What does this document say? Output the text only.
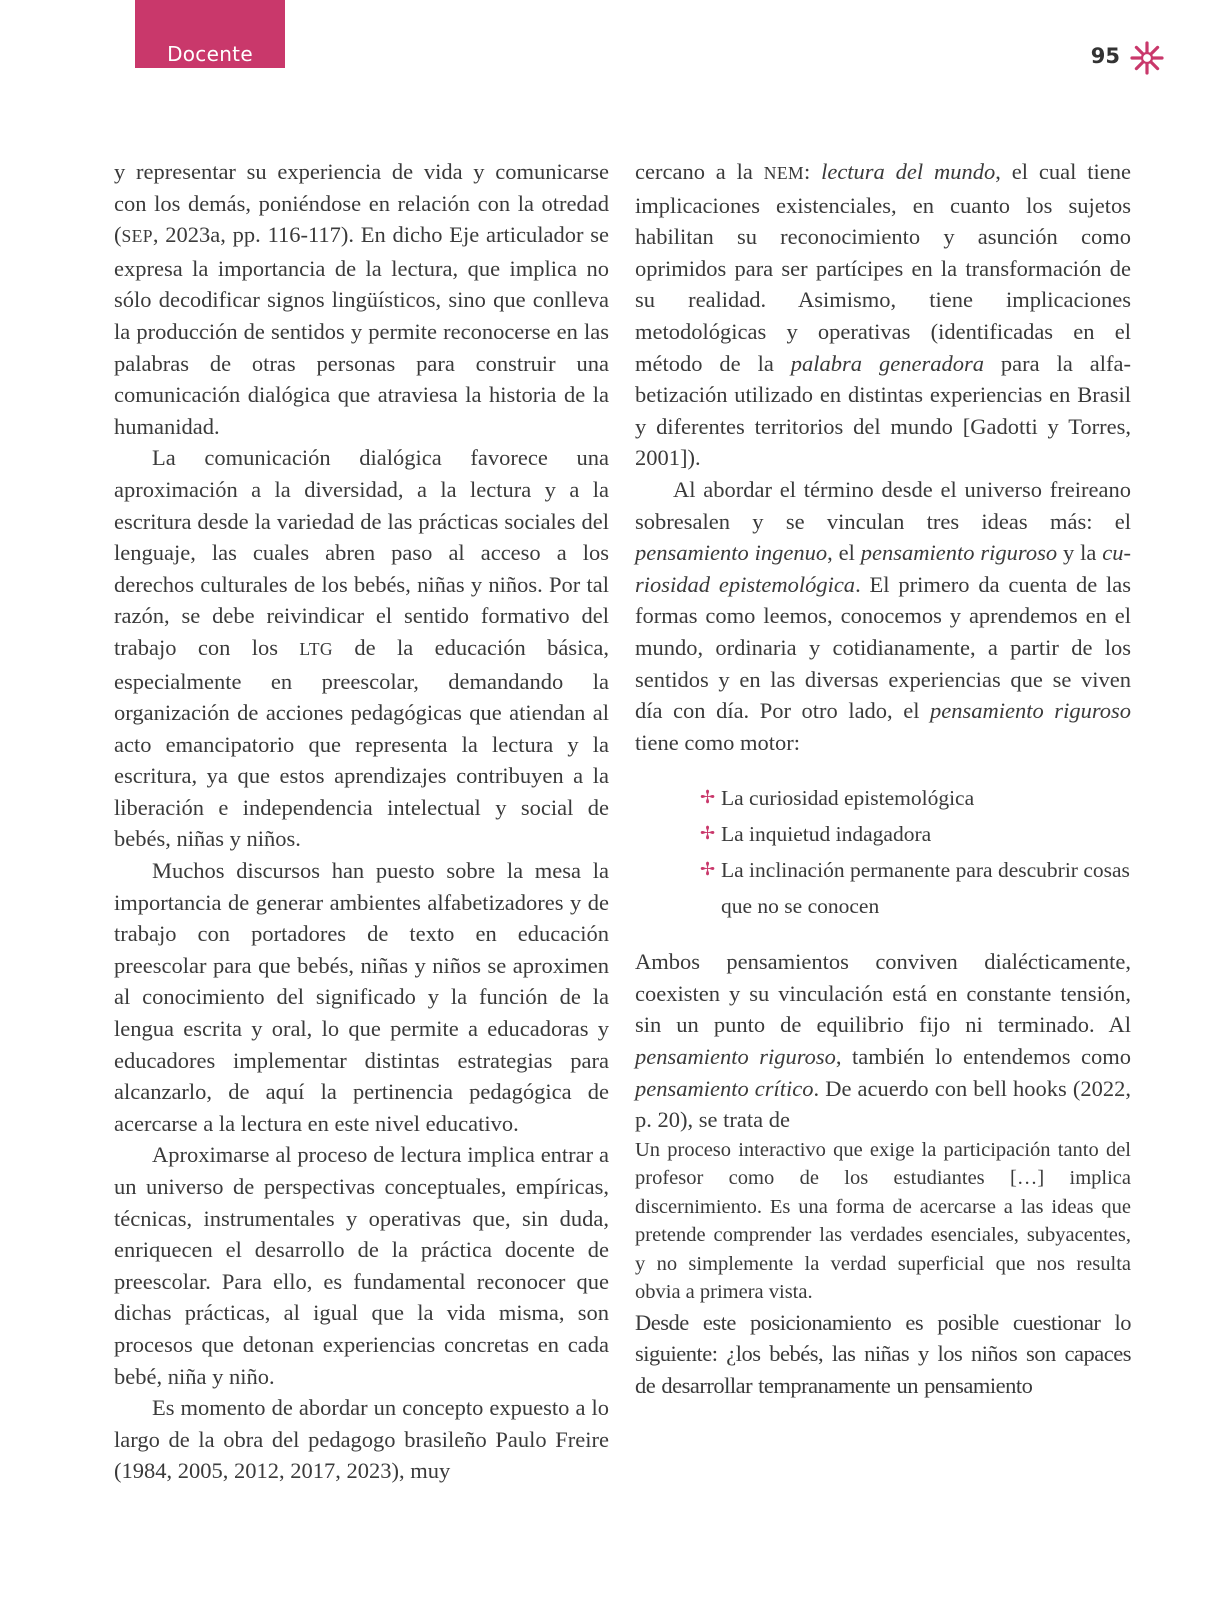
Docente	95

y representar su experiencia de vida y comunicarse con los demás, poniéndose en relación con la otredad (SEP, 2023a, pp. 116-117). En dicho Eje articulador se expresa la importancia de la lectura, que implica no sólo decodificar signos lingüísticos, sino que conlleva la producción de sentidos y permite reconocerse en las palabras de otras personas para construir una comunicación dialógica que atraviesa la historia de la humanidad.

La comunicación dialógica favorece una aproximación a la diversidad, a la lectura y a la escritura desde la variedad de las prácticas sociales del lenguaje, las cuales abren paso al acceso a los derechos culturales de los bebés, niñas y niños. Por tal razón, se debe reivindicar el sentido formativo del trabajo con los LTG de la educación básica, especialmente en preescolar, demandando la organización de acciones pedagógicas que atiendan al acto emancipatorio que representa la lectura y la escritura, ya que estos aprendizajes contribuyen a la liberación e independencia intelectual y social de bebés, niñas y niños.

Muchos discursos han puesto sobre la mesa la importancia de generar ambientes alfabetizadores y de trabajo con portadores de texto en educación preescolar para que bebés, niñas y niños se aproximen al conocimiento del significado y la función de la lengua escrita y oral, lo que permite a educadoras y educadores implementar distintas estrategias para alcanzarlo, de aquí la pertinencia pedagógica de acercarse a la lectura en este nivel educativo.

Aproximarse al proceso de lectura implica entrar a un universo de perspectivas conceptuales, empíricas, técnicas, instrumentales y operativas que, sin duda, enriquecen el desarrollo de la práctica docente de preescolar. Para ello, es fundamental reconocer que dichas prácticas, al igual que la vida misma, son procesos que detonan experiencias concretas en cada bebé, niña y niño.

Es momento de abordar un concepto expuesto a lo largo de la obra del pedagogo brasileño Paulo Freire (1984, 2005, 2012, 2017, 2023), muy

cercano a la NEM: lectura del mundo, el cual tiene implicaciones existenciales, en cuanto los sujetos habilitan su reconocimiento y asunción como oprimidos para ser partícipes en la transformación de su realidad. Asimismo, tiene implicaciones metodológicas y operativas (identificadas en el método de la palabra generadora para la alfabetización utilizado en distintas experiencias en Brasil y diferentes territorios del mundo [Gadotti y Torres, 2001]).

Al abordar el término desde el universo freireano sobresalen y se vinculan tres ideas más: el pensamiento ingenuo, el pensamiento riguroso y la curiosidad epistemológica. El primero da cuenta de las formas como leemos, conocemos y aprendemos en el mundo, ordinaria y cotidianamente, a partir de los sentidos y en las diversas experiencias que se viven día con día. Por otro lado, el pensamiento riguroso tiene como motor:

✢ La curiosidad epistemológica
✢ La inquietud indagadora
✢ La inclinación permanente para descubrir cosas que no se conocen

Ambos pensamientos conviven dialécticamente, coexisten y su vinculación está en constante tensión, sin un punto de equilibrio fijo ni terminado. Al pensamiento riguroso, también lo entendemos como pensamiento crítico. De acuerdo con bell hooks (2022, p. 20), se trata de

Un proceso interactivo que exige la participación tanto del profesor como de los estudiantes […] implica discernimiento. Es una forma de acercarse a las ideas que pretende comprender las verdades esenciales, subyacentes, y no simplemente la verdad superficial que nos resulta obvia a primera vista.

Desde este posicionamiento es posible cuestionar lo siguiente: ¿los bebés, las niñas y los niños son capaces de desarrollar tempranamente un pensamiento
